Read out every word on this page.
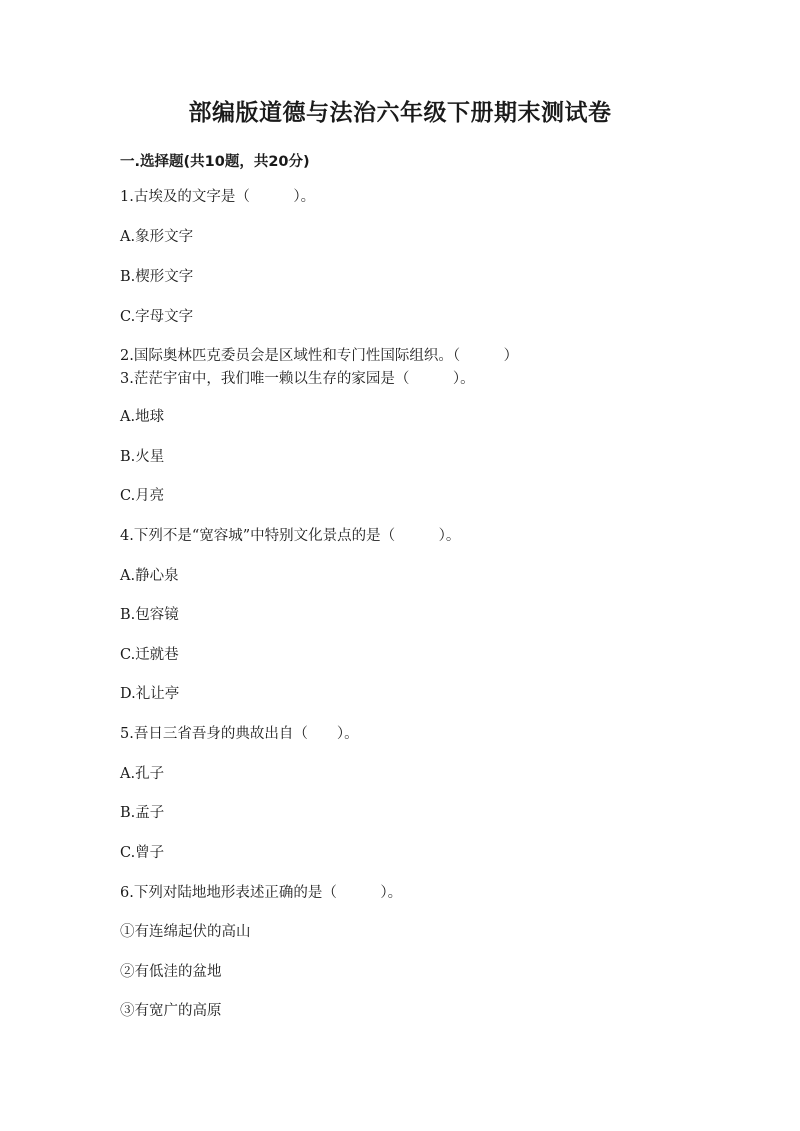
部编版道德与法治六年级下册期末测试卷
一.选择题(共10题，共20分)
1.古埃及的文字是（　　　）。
A.象形文字
B.楔形文字
C.字母文字
2.国际奥林匹克委员会是区域性和专门性国际组织。（　　　）
3.茫茫宇宙中，我们唯一赖以生存的家园是（　　　）。
A.地球
B.火星
C.月亮
4.下列不是“宽容城”中特别文化景点的是（　　　）。
A.静心泉
B.包容镜
C.迁就巷
D.礼让亭
5.吾日三省吾身的典故出自（　　）。
A.孔子
B.孟子
C.曾子
6.下列对陆地地形表述正确的是（　　　）。
①有连绵起伏的高山
②有低洼的盆地
③有宽广的高原
